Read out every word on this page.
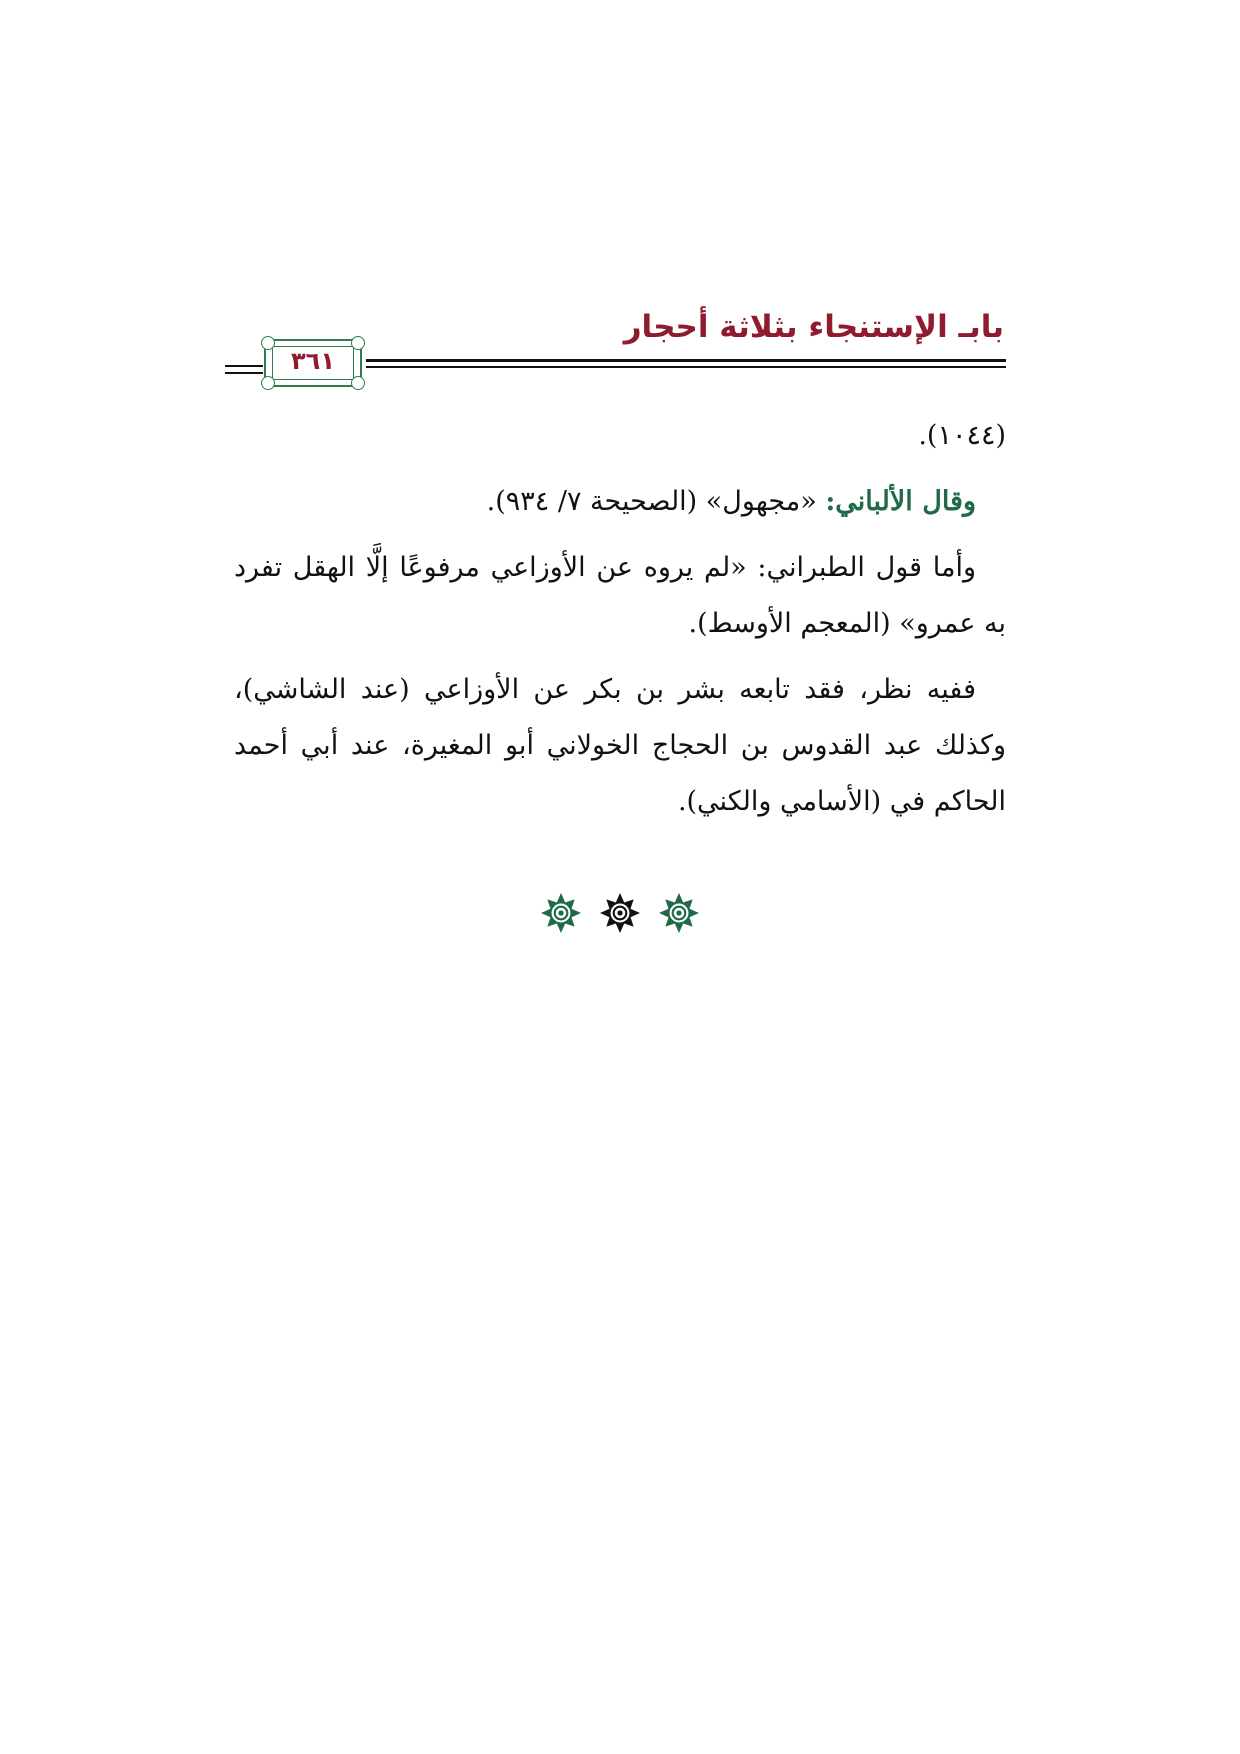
بابـ الإستنجاء بثلاثة أحجار
٣٦١

(١٠٤٤).

وقال الألباني: «مجهول» (الصحيحة ٧/ ٩٣٤).

وأما قول الطبراني: «لم يروه عن الأوزاعي مرفوعًا إلَّا الهقل تفرد به عمرو» (المعجم الأوسط).

ففيه نظر، فقد تابعه بشر بن بكر عن الأوزاعي (عند الشاشي)، وكذلك عبد القدوس بن الحجاج الخولاني أبو المغيرة، عند أبي أحمد الحاكم في (الأسامي والكني).
